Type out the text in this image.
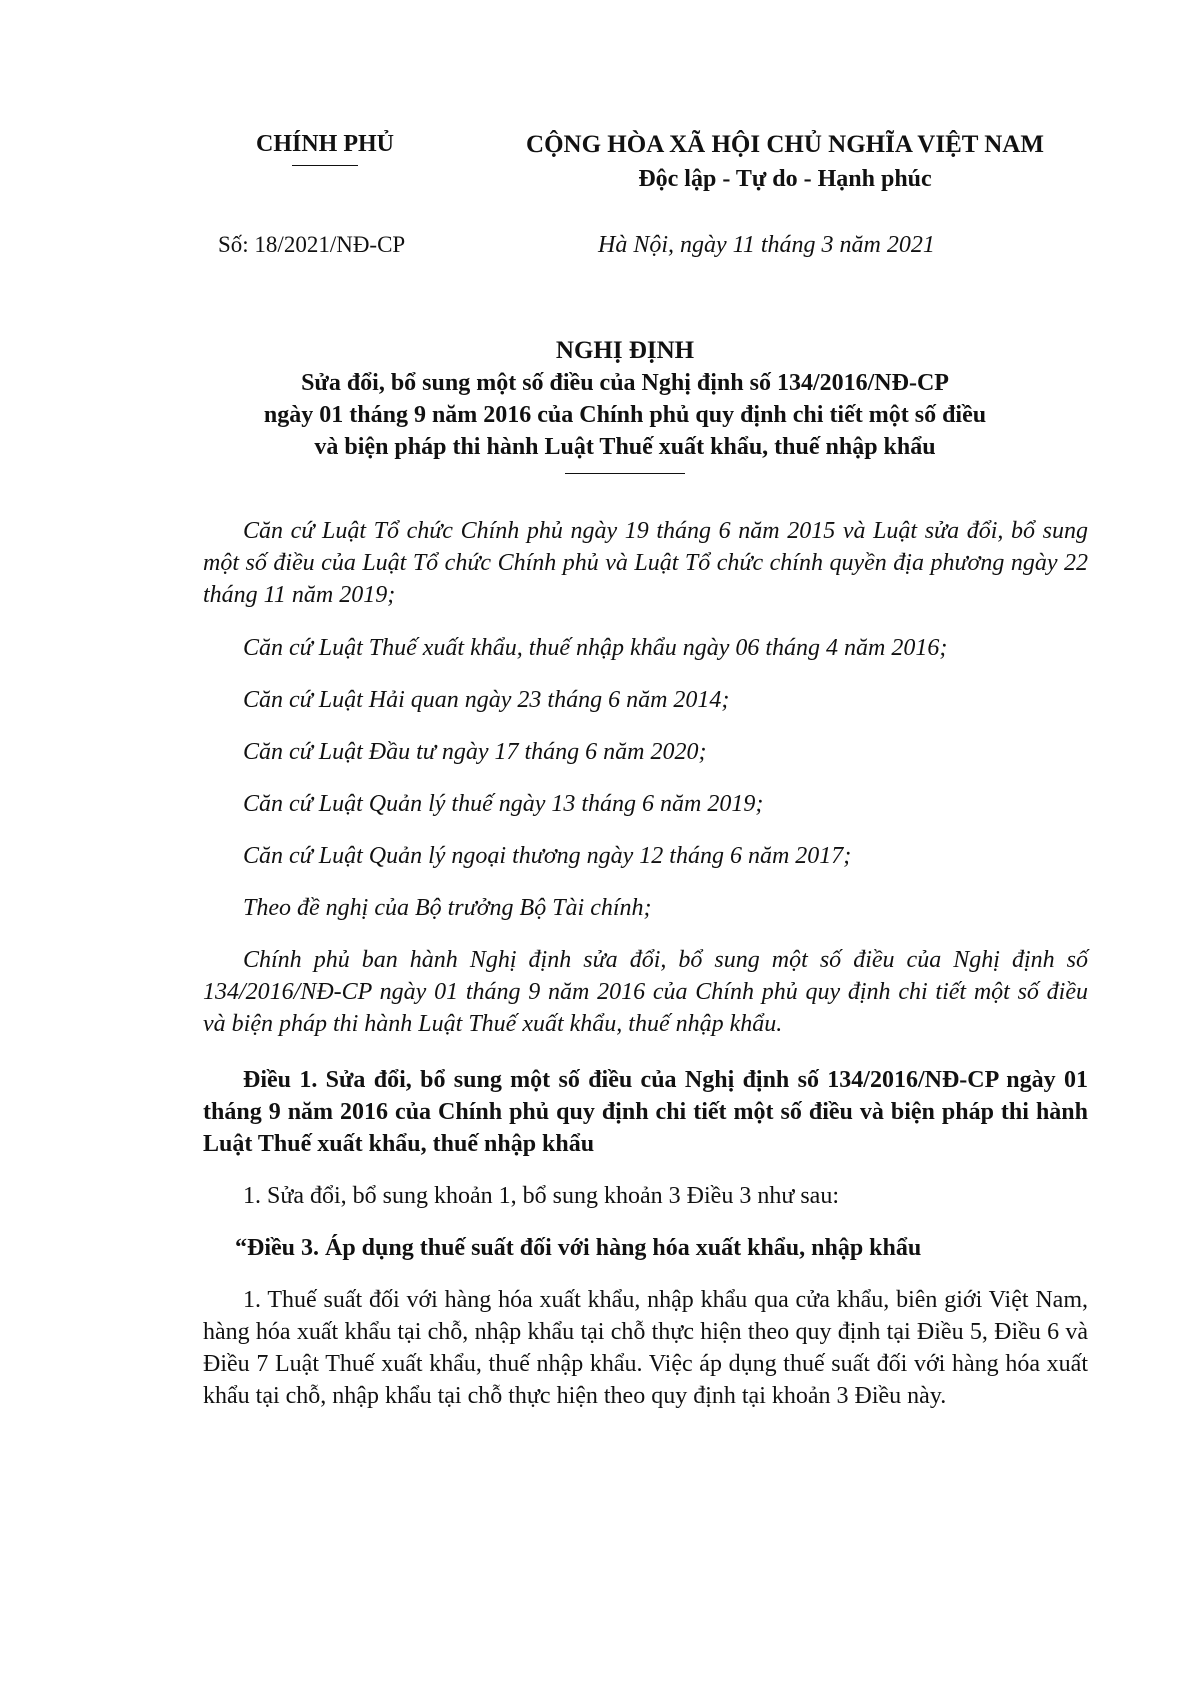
CHÍNH PHỦ	CỘNG HÒA XÃ HỘI CHỦ NGHĨA VIỆT NAM
Độc lập - Tự do - Hạnh phúc
Số: 18/2021/NĐ-CP	Hà Nội, ngày 11 tháng 3 năm 2021
NGHỊ ĐỊNH
Sửa đổi, bổ sung một số điều của Nghị định số 134/2016/NĐ-CP
ngày 01 tháng 9 năm 2016 của Chính phủ quy định chi tiết một số điều
và biện pháp thi hành Luật Thuế xuất khẩu, thuế nhập khẩu

Căn cứ Luật Tổ chức Chính phủ ngày 19 tháng 6 năm 2015 và Luật sửa đổi, bổ sung một số điều của Luật Tổ chức Chính phủ và Luật Tổ chức chính quyền địa phương ngày 22 tháng 11 năm 2019;

Căn cứ Luật Thuế xuất khẩu, thuế nhập khẩu ngày 06 tháng 4 năm 2016;

Căn cứ Luật Hải quan ngày 23 tháng 6 năm 2014;

Căn cứ Luật Đầu tư ngày 17 tháng 6 năm 2020;

Căn cứ Luật Quản lý thuế ngày 13 tháng 6 năm 2019;

Căn cứ Luật Quản lý ngoại thương ngày 12 tháng 6 năm 2017;

Theo đề nghị của Bộ trưởng Bộ Tài chính;

Chính phủ ban hành Nghị định sửa đổi, bổ sung một số điều của Nghị định số 134/2016/NĐ-CP ngày 01 tháng 9 năm 2016 của Chính phủ quy định chi tiết một số điều và biện pháp thi hành Luật Thuế xuất khẩu, thuế nhập khẩu.

Điều 1. Sửa đổi, bổ sung một số điều của Nghị định số 134/2016/NĐ-CP ngày 01 tháng 9 năm 2016 của Chính phủ quy định chi tiết một số điều và biện pháp thi hành Luật Thuế xuất khẩu, thuế nhập khẩu

1. Sửa đổi, bổ sung khoản 1, bổ sung khoản 3 Điều 3 như sau:

“Điều 3. Áp dụng thuế suất đối với hàng hóa xuất khẩu, nhập khẩu

1. Thuế suất đối với hàng hóa xuất khẩu, nhập khẩu qua cửa khẩu, biên giới Việt Nam, hàng hóa xuất khẩu tại chỗ, nhập khẩu tại chỗ thực hiện theo quy định tại Điều 5, Điều 6 và Điều 7 Luật Thuế xuất khẩu, thuế nhập khẩu. Việc áp dụng thuế suất đối với hàng hóa xuất khẩu tại chỗ, nhập khẩu tại chỗ thực hiện theo quy định tại khoản 3 Điều này.
